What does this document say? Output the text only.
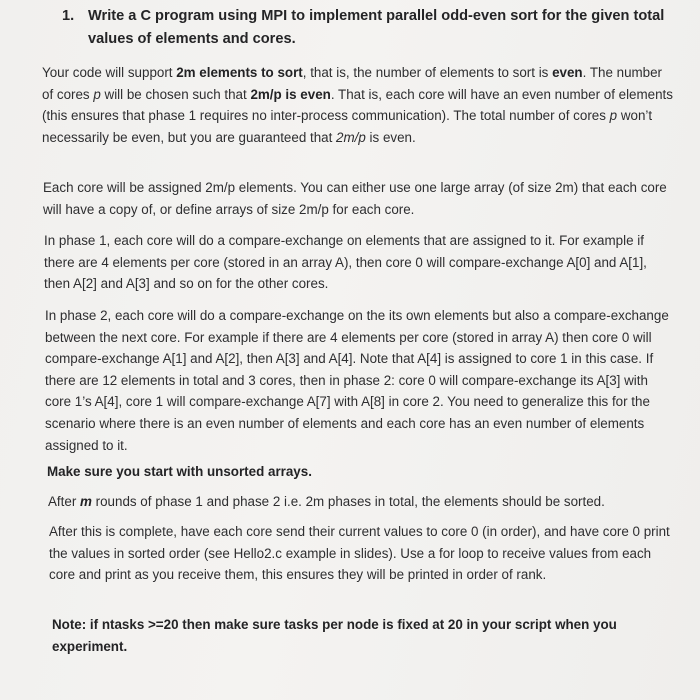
1. Write a C program using MPI to implement parallel odd-even sort for the given total values of elements and cores.

Your code will support 2m elements to sort, that is, the number of elements to sort is even. The number of cores p will be chosen such that 2m/p is even. That is, each core will have an even number of elements (this ensures that phase 1 requires no inter-process communication). The total number of cores p won’t necessarily be even, but you are guaranteed that 2m/p is even.

Each core will be assigned 2m/p elements. You can either use one large array (of size 2m) that each core will have a copy of, or define arrays of size 2m/p for each core.

In phase 1, each core will do a compare-exchange on elements that are assigned to it. For example if there are 4 elements per core (stored in an array A), then core 0 will compare-exchange A[0] and A[1], then A[2] and A[3] and so on for the other cores.

In phase 2, each core will do a compare-exchange on the its own elements but also a compare-exchange between the next core. For example if there are 4 elements per core (stored in array A) then core 0 will compare-exchange A[1] and A[2], then A[3] and A[4]. Note that A[4] is assigned to core 1 in this case. If there are 12 elements in total and 3 cores, then in phase 2: core 0 will compare-exchange its A[3] with core 1’s A[4], core 1 will compare-exchange A[7] with A[8] in core 2. You need to generalize this for the scenario where there is an even number of elements and each core has an even number of elements assigned to it.

Make sure you start with unsorted arrays.

After m rounds of phase 1 and phase 2 i.e. 2m phases in total, the elements should be sorted.

After this is complete, have each core send their current values to core 0 (in order), and have core 0 print the values in sorted order (see Hello2.c example in slides). Use a for loop to receive values from each core and print as you receive them, this ensures they will be printed in order of rank.

Note: if ntasks >=20 then make sure tasks per node is fixed at 20 in your script when you experiment.
